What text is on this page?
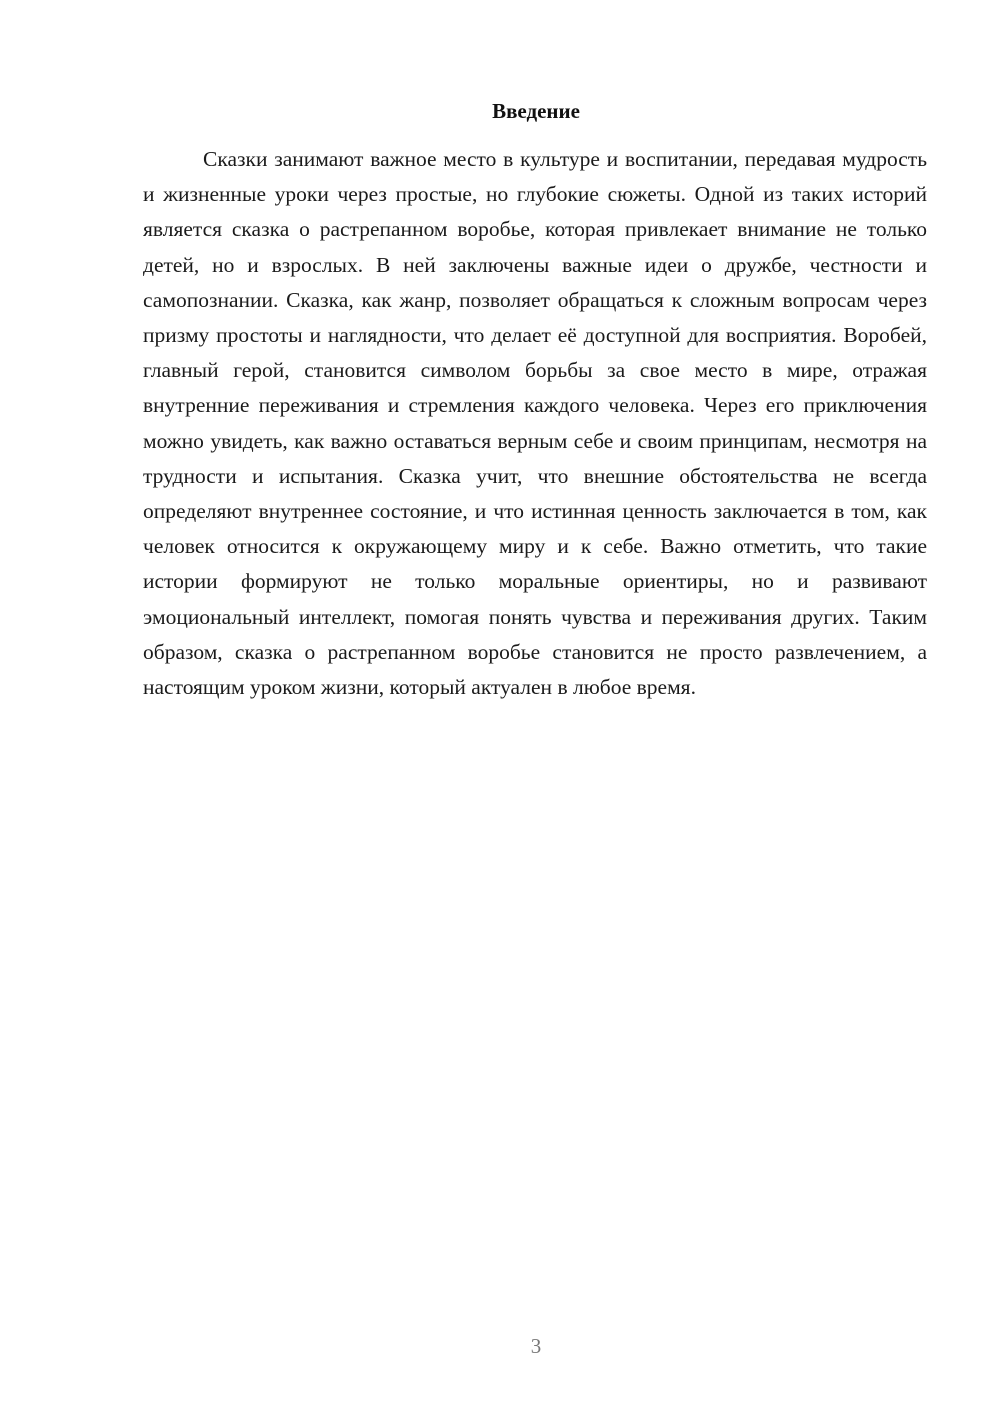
Введение

Сказки занимают важное место в культуре и воспитании, передавая мудрость и жизненные уроки через простые, но глубокие сюжеты. Одной из таких историй является сказка о растрепанном воробье, которая привлекает внимание не только детей, но и взрослых. В ней заключены важные идеи о дружбе, честности и самопознании. Сказка, как жанр, позволяет обращаться к сложным вопросам через призму простоты и наглядности, что делает её доступной для восприятия. Воробей, главный герой, становится символом борьбы за свое место в мире, отражая внутренние переживания и стремления каждого человека. Через его приключения можно увидеть, как важно оставаться верным себе и своим принципам, несмотря на трудности и испытания. Сказка учит, что внешние обстоятельства не всегда определяют внутреннее состояние, и что истинная ценность заключается в том, как человек относится к окружающему миру и к себе. Важно отметить, что такие истории формируют не только моральные ориентиры, но и развивают эмоциональный интеллект, помогая понять чувства и переживания других. Таким образом, сказка о растрепанном воробье становится не просто развлечением, а настоящим уроком жизни, который актуален в любое время.

3
